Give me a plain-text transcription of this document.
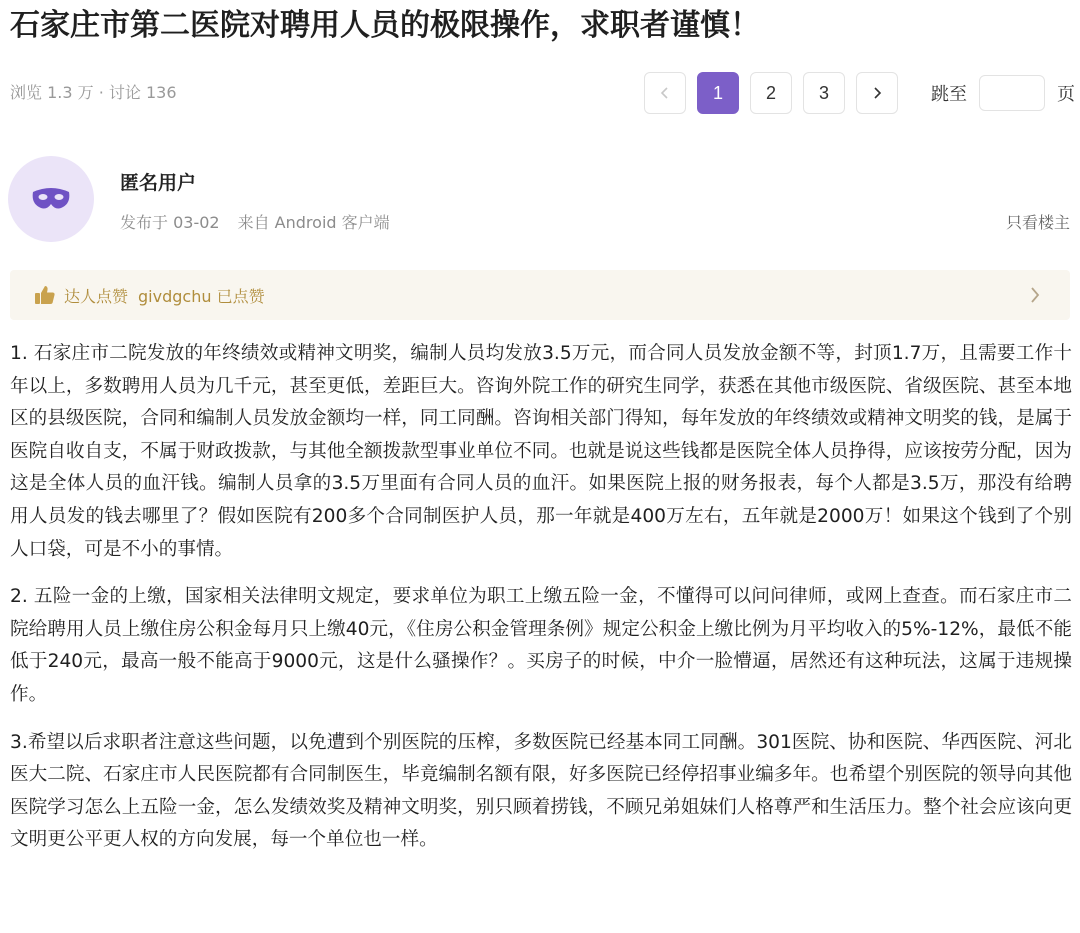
石家庄市第二医院对聘用人员的极限操作，求职者谨慎！
浏览 1.3 万 · 讨论 136	1	2	3	跳至	页
匿名用户
发布于 03-02 来自 Android 客户端	只看楼主
达人点赞 givdgchu 已点赞

1. 石家庄市二院发放的年终绩效或精神文明奖，编制人员均发放3.5万元，而合同人员发放金额不等，封顶1.7万，且需要工作十年以上，多数聘用人员为几千元，甚至更低，差距巨大。咨询外院工作的研究生同学，获悉在其他市级医院、省级医院、甚至本地区的县级医院，合同和编制人员发放金额均一样，同工同酬。咨询相关部门得知，每年发放的年终绩效或精神文明奖的钱，是属于医院自收自支，不属于财政拨款，与其他全额拨款型事业单位不同。也就是说这些钱都是医院全体人员挣得，应该按劳分配，因为这是全体人员的血汗钱。编制人员拿的3.5万里面有合同人员的血汗。如果医院上报的财务报表，每个人都是3.5万，那没有给聘用人员发的钱去哪里了？假如医院有200多个合同制医护人员，那一年就是400万左右，五年就是2000万！如果这个钱到了个别人口袋，可是不小的事情。

2. 五险一金的上缴，国家相关法律明文规定，要求单位为职工上缴五险一金，不懂得可以问问律师，或网上查查。而石家庄市二院给聘用人员上缴住房公积金每月只上缴40元，《住房公积金管理条例》规定公积金上缴比例为月平均收入的5%-12%，最低不能低于240元，最高一般不能高于9000元，这是什么骚操作？。买房子的时候，中介一脸懵逼，居然还有这种玩法，这属于违规操作。

3.希望以后求职者注意这些问题，以免遭到个别医院的压榨，多数医院已经基本同工同酬。301医院、协和医院、华西医院、河北医大二院、石家庄市人民医院都有合同制医生，毕竟编制名额有限，好多医院已经停招事业编多年。也希望个别医院的领导向其他医院学习怎么上五险一金，怎么发绩效奖及精神文明奖，别只顾着捞钱，不顾兄弟姐妹们人格尊严和生活压力。整个社会应该向更文明更公平更人权的方向发展，每一个单位也一样。
